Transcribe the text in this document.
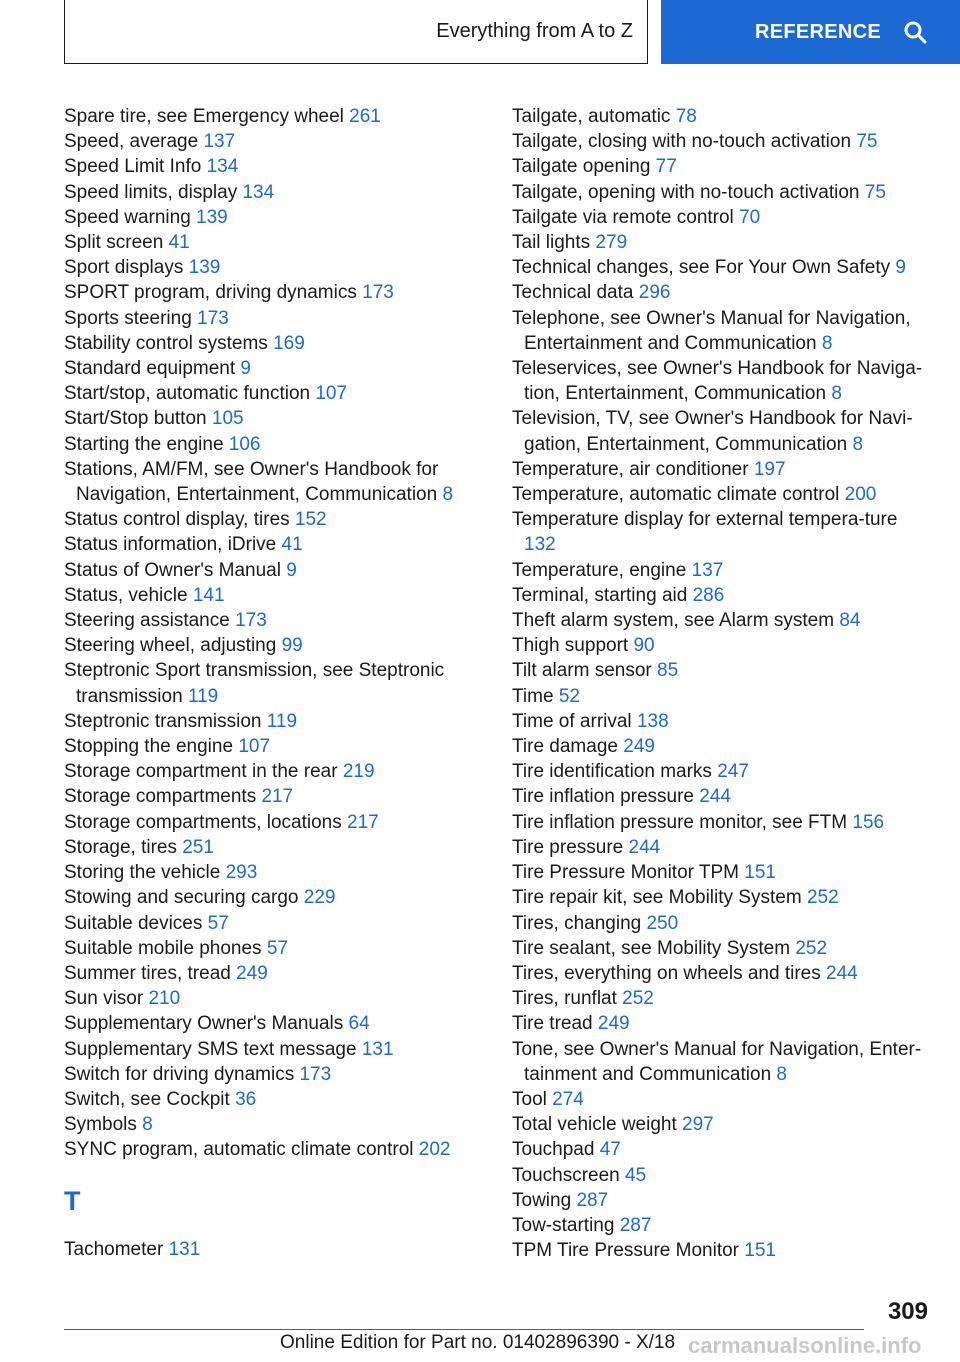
Everything from A to Z	REFERENCE
Spare tire, see Emergency wheel 261
Speed, average 137
Speed Limit Info 134
Speed limits, display 134
Speed warning 139
Split screen 41
Sport displays 139
SPORT program, driving dynamics 173
Sports steering 173
Stability control systems 169
Standard equipment 9
Start/stop, automatic function 107
Start/Stop button 105
Starting the engine 106
Stations, AM/FM, see Owner's Handbook for Navigation, Entertainment, Communication 8
Status control display, tires 152
Status information, iDrive 41
Status of Owner's Manual 9
Status, vehicle 141
Steering assistance 173
Steering wheel, adjusting 99
Steptronic Sport transmission, see Steptronic transmission 119
Steptronic transmission 119
Stopping the engine 107
Storage compartment in the rear 219
Storage compartments 217
Storage compartments, locations 217
Storage, tires 251
Storing the vehicle 293
Stowing and securing cargo 229
Suitable devices 57
Suitable mobile phones 57
Summer tires, tread 249
Sun visor 210
Supplementary Owner's Manuals 64
Supplementary SMS text message 131
Switch for driving dynamics 173
Switch, see Cockpit 36
Symbols 8
SYNC program, automatic climate control 202
T
Tachometer 131
Tailgate, automatic 78
Tailgate, closing with no-touch activation 75
Tailgate opening 77
Tailgate, opening with no-touch activation 75
Tailgate via remote control 70
Tail lights 279
Technical changes, see For Your Own Safety 9
Technical data 296
Telephone, see Owner's Manual for Navigation, Entertainment and Communication 8
Teleservices, see Owner's Handbook for Naviga-tion, Entertainment, Communication 8
Television, TV, see Owner's Handbook for Navi-gation, Entertainment, Communication 8
Temperature, air conditioner 197
Temperature, automatic climate control 200
Temperature display for external tempera-ture 132
Temperature, engine 137
Terminal, starting aid 286
Theft alarm system, see Alarm system 84
Thigh support 90
Tilt alarm sensor 85
Time 52
Time of arrival 138
Tire damage 249
Tire identification marks 247
Tire inflation pressure 244
Tire inflation pressure monitor, see FTM 156
Tire pressure 244
Tire Pressure Monitor TPM 151
Tire repair kit, see Mobility System 252
Tires, changing 250
Tire sealant, see Mobility System 252
Tires, everything on wheels and tires 244
Tires, runflat 252
Tire tread 249
Tone, see Owner's Manual for Navigation, Enter-tainment and Communication 8
Tool 274
Total vehicle weight 297
Touchpad 47
Touchscreen 45
Towing 287
Tow-starting 287
TPM Tire Pressure Monitor 151
309
Online Edition for Part no. 01402896390 - X/18 carmanualsonline.info
